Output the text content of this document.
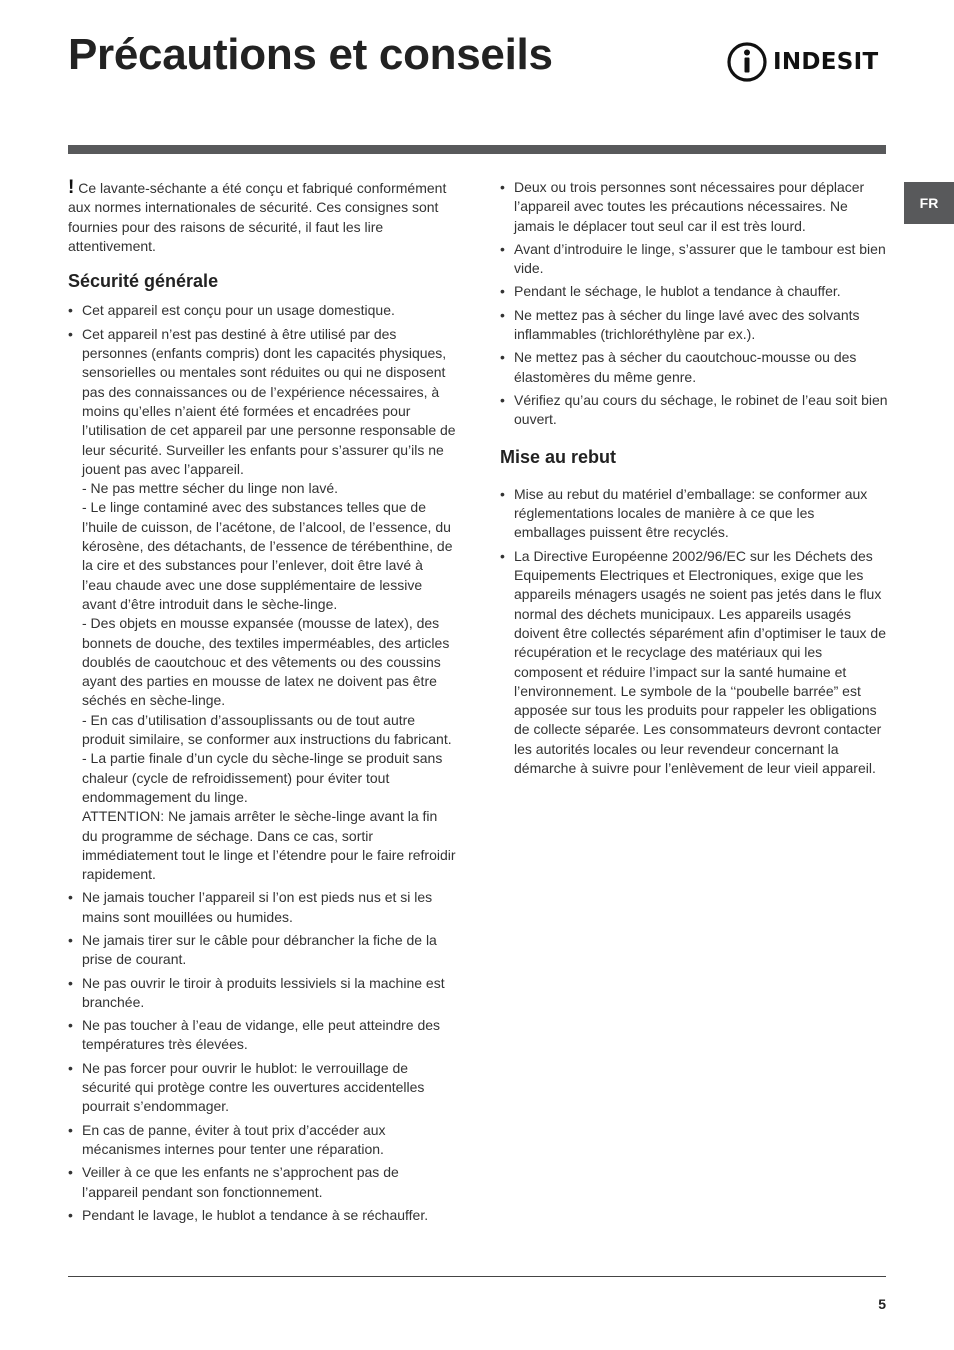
Précautions et conseils	INDESIT
FR

! Ce lavante-séchante a été conçu et fabriqué conformément aux normes internationales de sécurité. Ces consignes sont fournies pour des raisons de sécurité, il faut les lire attentivement.

Sécurité générale
• Cet appareil est conçu pour un usage domestique.
• Cet appareil n’est pas destiné à être utilisé par des personnes (enfants compris) dont les capacités physiques, sensorielles ou mentales sont réduites ou qui ne disposent pas des connaissances ou de l’expérience nécessaires, à moins qu’elles n’aient été formées et encadrées pour l’utilisation de cet appareil par une personne responsable de leur sécurité. Surveiller les enfants pour s’assurer qu’ils ne jouent pas avec l’appareil.
- Ne pas mettre sécher du linge non lavé.
- Le linge contaminé avec des substances telles que de l’huile de cuisson, de l’acétone, de l’alcool, de l’essence, du kérosène, des détachants, de l’essence de térébenthine, de la cire et des substances pour l’enlever, doit être lavé à l’eau chaude avec une dose supplémentaire de lessive avant d’être introduit dans le sèche-linge.
- Des objets en mousse expansée (mousse de latex), des bonnets de douche, des textiles imperméables, des articles doublés de caoutchouc et des vêtements ou des coussins ayant des parties en mousse de latex ne doivent pas être séchés en sèche-linge.
- En cas d’utilisation d’assouplissants ou de tout autre produit similaire, se conformer aux instructions du fabricant.
- La partie finale d’un cycle du sèche-linge se produit sans chaleur (cycle de refroidissement) pour éviter tout endommagement du linge.
ATTENTION: Ne jamais arrêter le sèche-linge avant la fin du programme de séchage. Dans ce cas, sortir immédiatement tout le linge et l’étendre pour le faire refroidir rapidement.
• Ne jamais toucher l’appareil si l’on est pieds nus et si les mains sont mouillées ou humides.
• Ne jamais tirer sur le câble pour débrancher la fiche de la prise de courant.
• Ne pas ouvrir le tiroir à produits lessiviels si la machine est branchée.
• Ne pas toucher à l’eau de vidange, elle peut atteindre des températures très élevées.
• Ne pas forcer pour ouvrir le hublot: le verrouillage de sécurité qui protège contre les ouvertures accidentelles pourrait s’endommager.
• En cas de panne, éviter à tout prix d’accéder aux mécanismes internes pour tenter une réparation.
• Veiller à ce que les enfants ne s’approchent pas de l’appareil pendant son fonctionnement.
• Pendant le lavage, le hublot a tendance à se réchauffer.
• Deux ou trois personnes sont nécessaires pour déplacer l’appareil avec toutes les précautions nécessaires. Ne jamais le déplacer tout seul car il est très lourd.
• Avant d’introduire le linge, s’assurer que le tambour est bien vide.
• Pendant le séchage, le hublot a tendance à chauffer.
• Ne mettez pas à sécher du linge lavé avec des solvants inflammables (trichloréthylène par ex.).
• Ne mettez pas à sécher du caoutchouc-mousse ou des élastomères du même genre.
• Vérifiez qu’au cours du séchage, le robinet de l’eau soit bien ouvert.
Mise au rebut
• Mise au rebut du matériel d’emballage: se conformer aux réglementations locales de manière à ce que les emballages puissent être recyclés.
• La Directive Européenne 2002/96/EC sur les Déchets des Equipements Electriques et Electroniques, exige que les appareils ménagers usagés ne soient pas jetés dans le flux normal des déchets municipaux. Les appareils usagés doivent être collectés séparément afin d’optimiser le taux de récupération et le recyclage des matériaux qui les composent et réduire l’impact sur la santé humaine et l’environnement. Le symbole de la ‘‘poubelle barrée” est apposée sur tous les produits pour rappeler les obligations de collecte séparée. Les consommateurs devront contacter les autorités locales ou leur revendeur concernant la démarche à suivre pour l’enlèvement de leur vieil appareil.
5
